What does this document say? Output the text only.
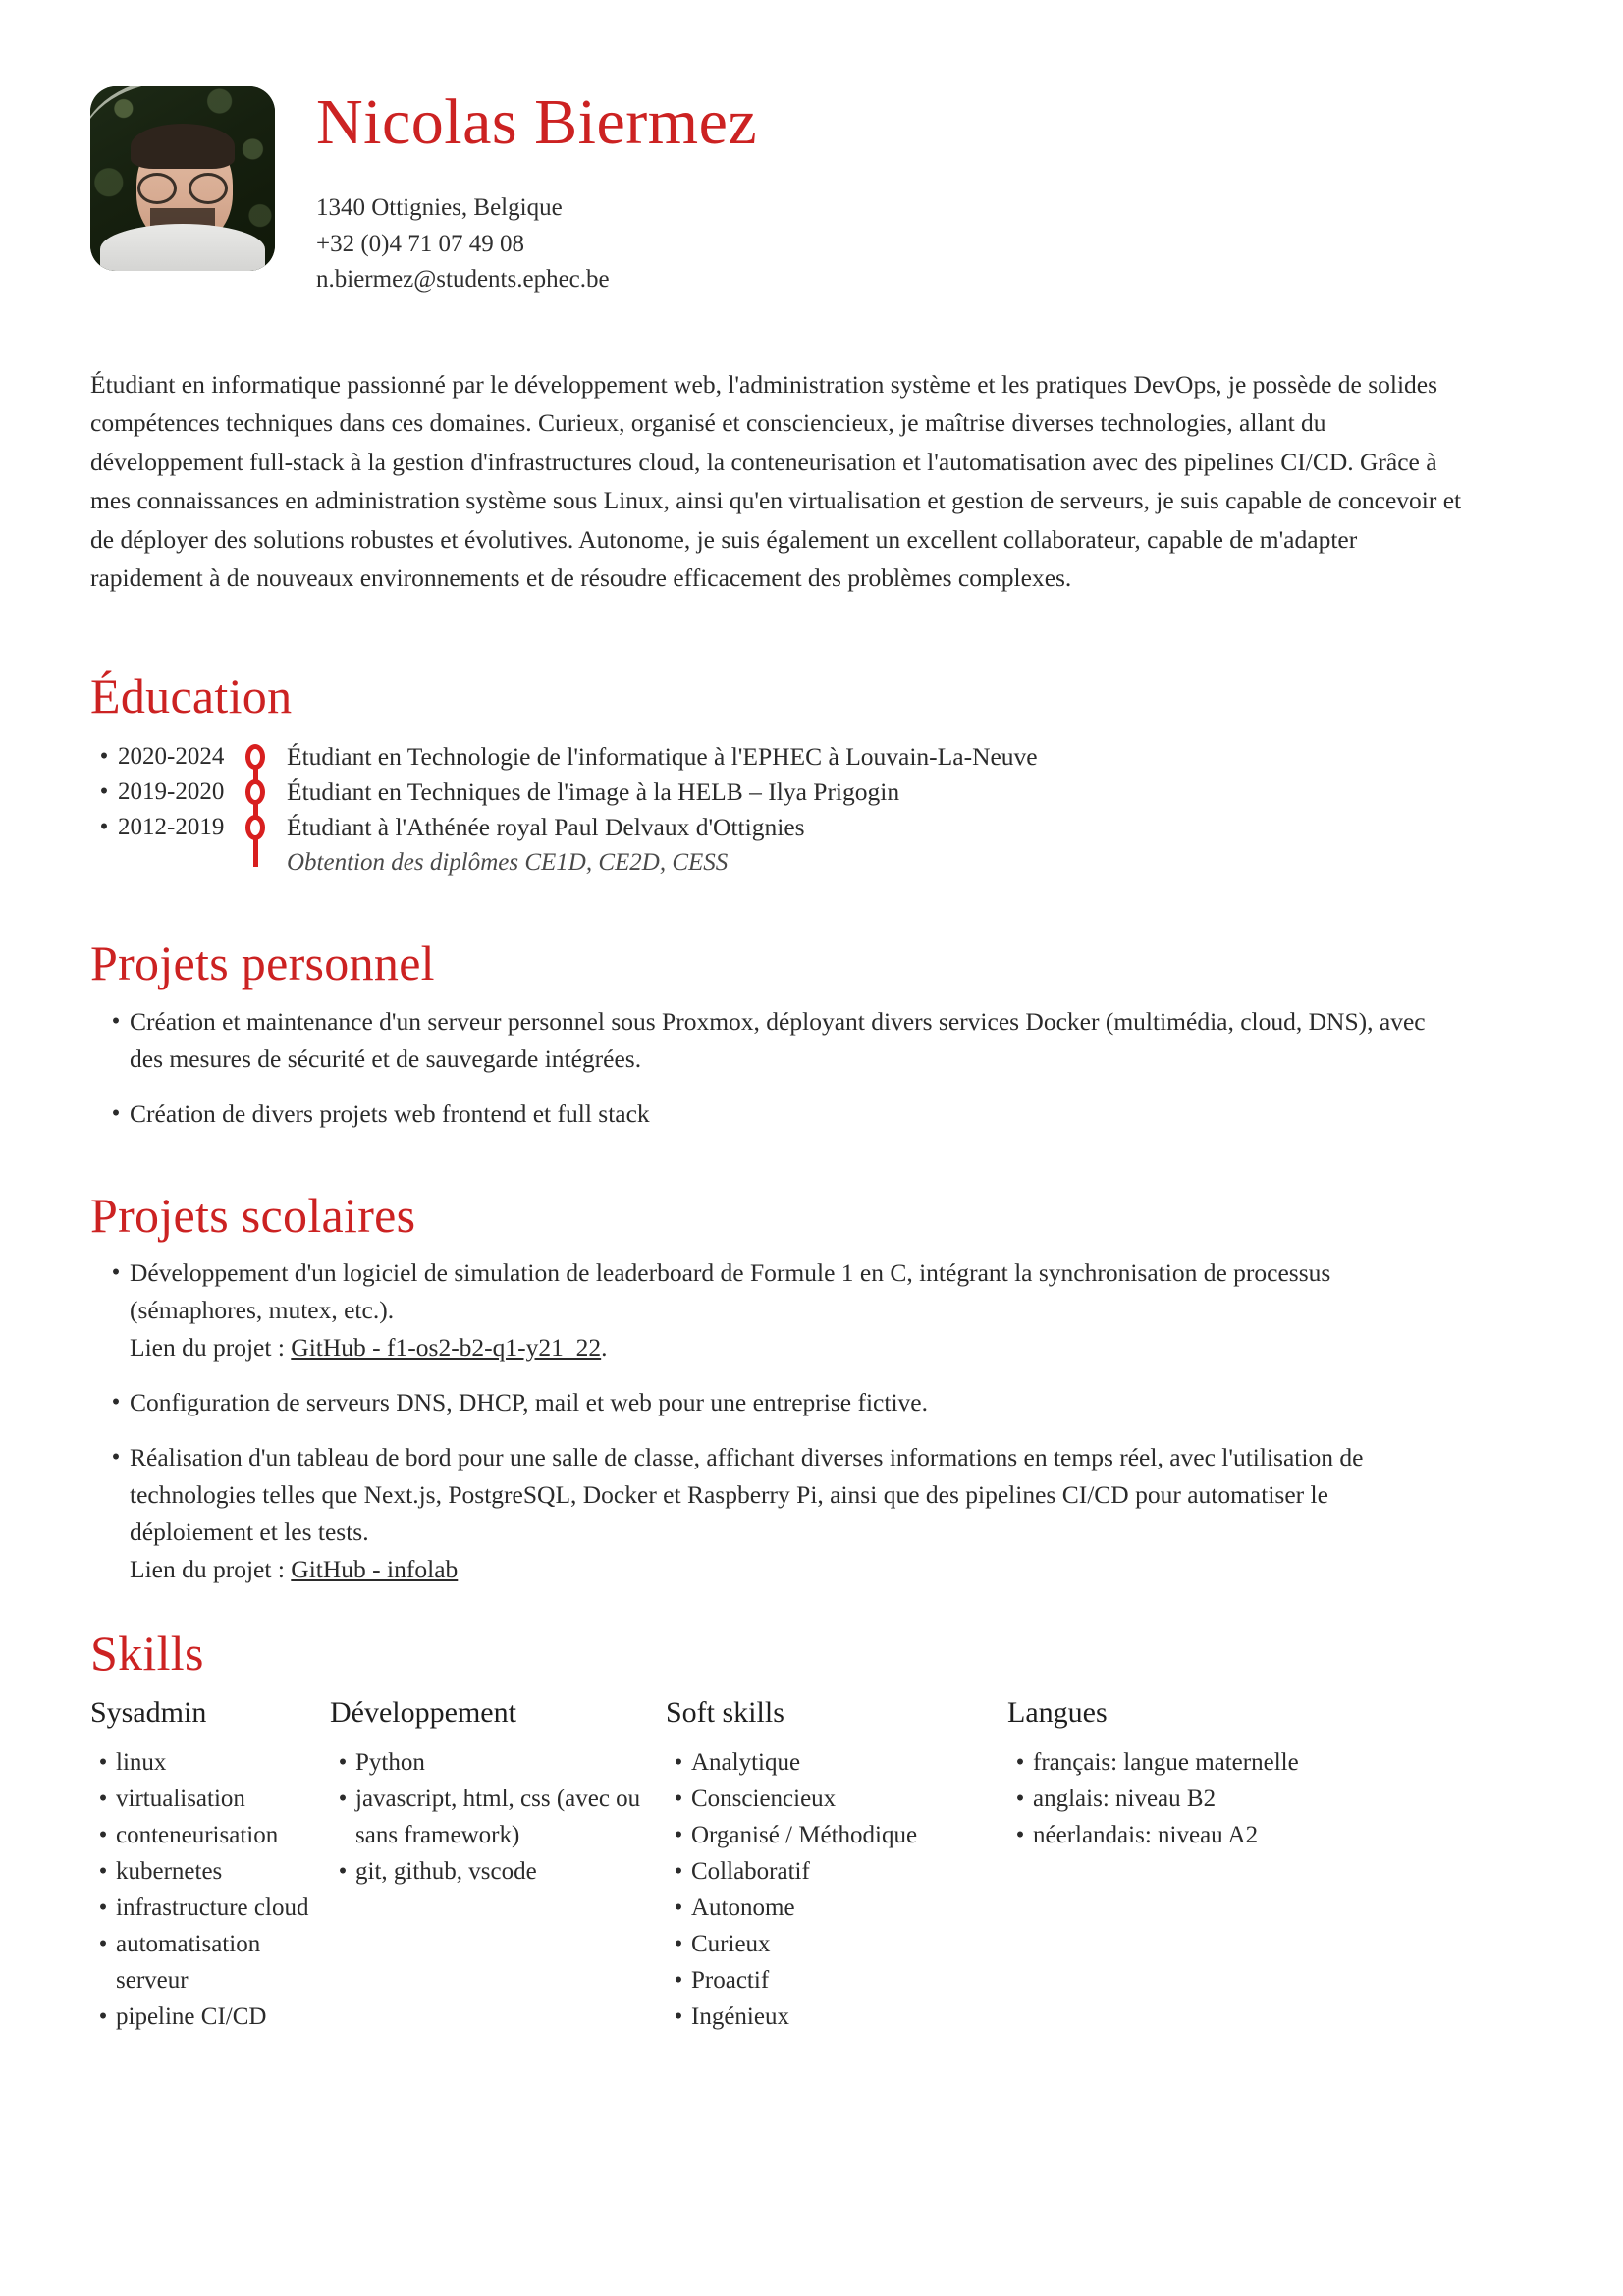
Nicolas Biermez
1340 Ottignies, Belgique
+32 (0)4 71 07 49 08
n.biermez@students.ephec.be

Étudiant en informatique passionné par le développement web, l'administration système et les pratiques DevOps, je possède de solides compétences techniques dans ces domaines. Curieux, organisé et consciencieux, je maîtrise diverses technologies, allant du développement full-stack à la gestion d'infrastructures cloud, la conteneurisation et l'automatisation avec des pipelines CI/CD. Grâce à mes connaissances en administration système sous Linux, ainsi qu'en virtualisation et gestion de serveurs, je suis capable de concevoir et de déployer des solutions robustes et évolutives. Autonome, je suis également un excellent collaborateur, capable de m'adapter rapidement à de nouveaux environnements et de résoudre efficacement des problèmes complexes.

Éducation
• 2020-2024	Étudiant en Technologie de l'informatique à l'EPHEC à Louvain-La-Neuve
• 2019-2020	Étudiant en Techniques de l'image à la HELB – Ilya Prigogin
• 2012-2019	Étudiant à l'Athénée royal Paul Delvaux d'Ottignies
Obtention des diplômes CE1D, CE2D, CESS
Projets personnel
• Création et maintenance d'un serveur personnel sous Proxmox, déployant divers services Docker (multimédia, cloud, DNS), avec des mesures de sécurité et de sauvegarde intégrées.
• Création de divers projets web frontend et full stack
Projets scolaires
• Développement d'un logiciel de simulation de leaderboard de Formule 1 en C, intégrant la synchronisation de processus (sémaphores, mutex, etc.).
Lien du projet : GitHub - f1-os2-b2-q1-y21_22.
• Configuration de serveurs DNS, DHCP, mail et web pour une entreprise fictive.
• Réalisation d'un tableau de bord pour une salle de classe, affichant diverses informations en temps réel, avec l'utilisation de technologies telles que Next.js, PostgreSQL, Docker et Raspberry Pi, ainsi que des pipelines CI/CD pour automatiser le déploiement et les tests.
Lien du projet : GitHub - infolab
Skills
Sysadmin
• linux
• virtualisation
• conteneurisation
• kubernetes
• infrastructure cloud
• automatisation serveur
• pipeline CI/CD
Développement
• Python
• javascript, html, css (avec ou sans framework)
• git, github, vscode
Soft skills
• Analytique
• Consciencieux
• Organisé / Méthodique
• Collaboratif
• Autonome
• Curieux
• Proactif
• Ingénieux
Langues
• français: langue maternelle
• anglais: niveau B2
• néerlandais: niveau A2
